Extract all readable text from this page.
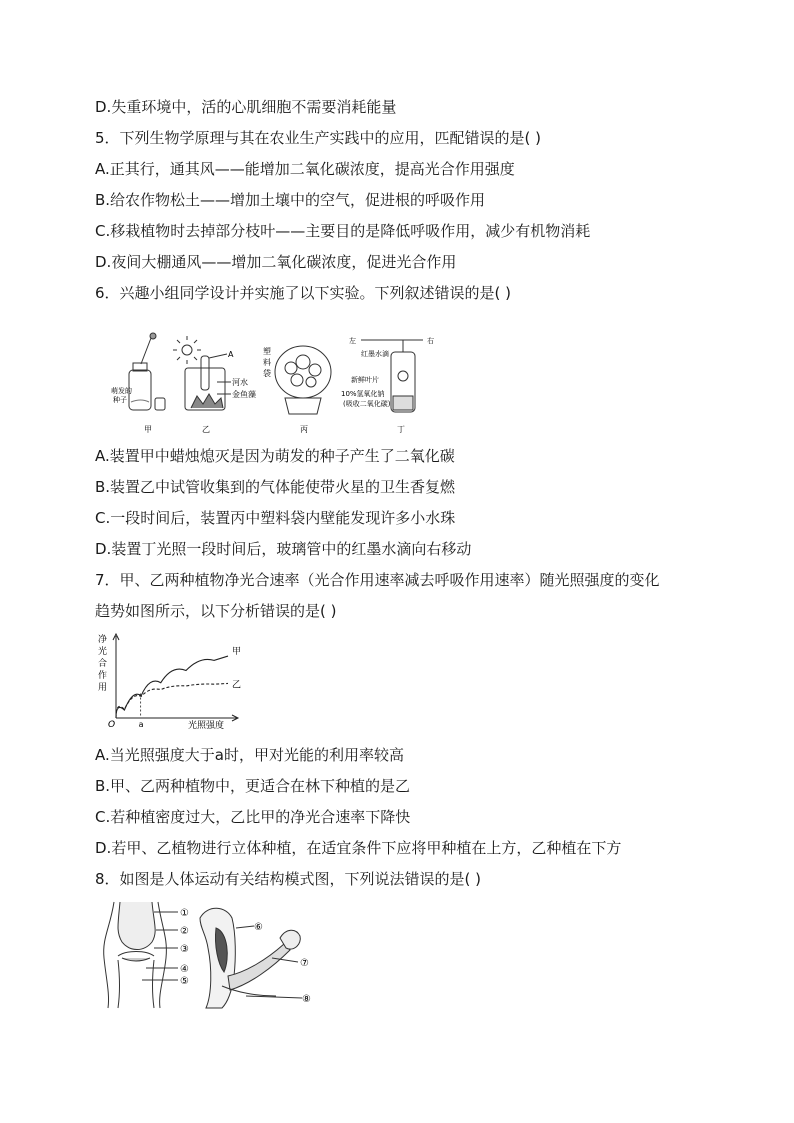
D.失重环境中，活的心肌细胞不需要消耗能量
5．下列生物学原理与其在农业生产实践中的应用，匹配错误的是( )
A.正其行，通其风——能增加二氧化碳浓度，提高光合作用强度
B.给农作物松土——增加土壤中的空气，促进根的呼吸作用
C.移栽植物时去掉部分枝叶——主要目的是降低呼吸作用，减少有机物消耗
D.夜间大棚通风——增加二氧化碳浓度，促进光合作用
6．兴趣小组同学设计并实施了以下实验。下列叙述错误的是( )
萌发的
种子
A
河水
金鱼藻
塑
料
袋
左	右
红墨水滴
新鲜叶片
10%氢氧化钠
(吸收二氧化碳)
甲	乙	丙	丁
A.装置甲中蜡烛熄灭是因为萌发的种子产生了二氧化碳
B.装置乙中试管收集到的气体能使带火星的卫生香复燃
C.一段时间后，装置丙中塑料袋内壁能发现许多小水珠
D.装置丁光照一段时间后，玻璃管中的红墨水滴向右移动
7．甲、乙两种植物净光合速率（光合作用速率减去呼吸作用速率）随光照强度的变化
趋势如图所示，以下分析错误的是( )
净
光
合
作
用
O	光照强度
a
甲
乙
A.当光照强度大于a时，甲对光能的利用率较高
B.甲、乙两种植物中，更适合在林下种植的是乙
C.若种植密度过大，乙比甲的净光合速率下降快
D.若甲、乙植物进行立体种植，在适宜条件下应将甲种植在上方，乙种植在下方
8．如图是人体运动有关结构模式图，下列说法错误的是( )
①
②
③
④
⑤
⑥
⑦
⑧
